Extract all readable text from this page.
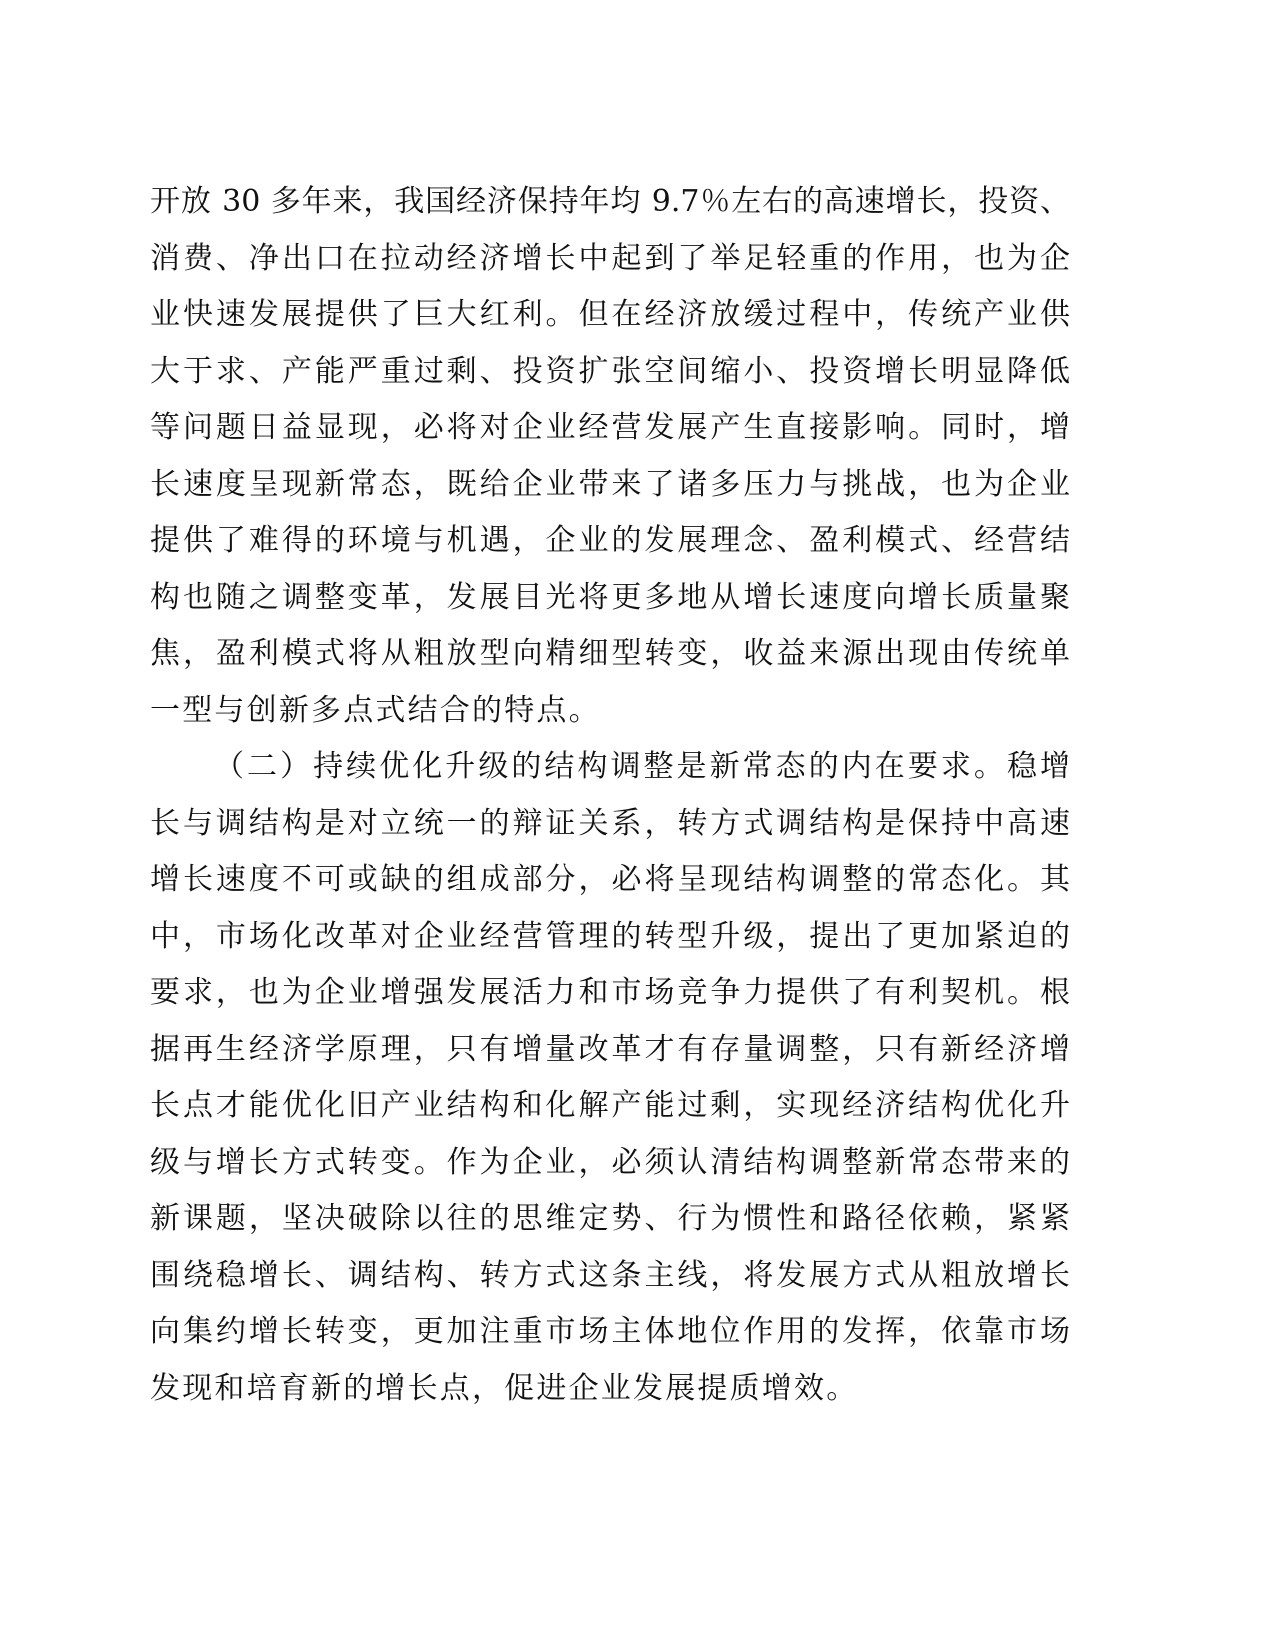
开放 30 多年来，我国经济保持年均 9.7％左右的高速增长，投资、
消费、净出口在拉动经济增长中起到了举足轻重的作用，也为企
业快速发展提供了巨大红利。但在经济放缓过程中，传统产业供
大于求、产能严重过剩、投资扩张空间缩小、投资增长明显降低
等问题日益显现，必将对企业经营发展产生直接影响。同时，增
长速度呈现新常态，既给企业带来了诸多压力与挑战，也为企业
提供了难得的环境与机遇，企业的发展理念、盈利模式、经营结
构也随之调整变革，发展目光将更多地从增长速度向增长质量聚
焦，盈利模式将从粗放型向精细型转变，收益来源出现由传统单
一型与创新多点式结合的特点。
（二）持续优化升级的结构调整是新常态的内在要求。稳增
长与调结构是对立统一的辩证关系，转方式调结构是保持中高速
增长速度不可或缺的组成部分，必将呈现结构调整的常态化。其
中，市场化改革对企业经营管理的转型升级，提出了更加紧迫的
要求，也为企业增强发展活力和市场竞争力提供了有利契机。根
据再生经济学原理，只有增量改革才有存量调整，只有新经济增
长点才能优化旧产业结构和化解产能过剩，实现经济结构优化升
级与增长方式转变。作为企业，必须认清结构调整新常态带来的
新课题，坚决破除以往的思维定势、行为惯性和路径依赖，紧紧
围绕稳增长、调结构、转方式这条主线，将发展方式从粗放增长
向集约增长转变，更加注重市场主体地位作用的发挥，依靠市场
发现和培育新的增长点，促进企业发展提质增效。
